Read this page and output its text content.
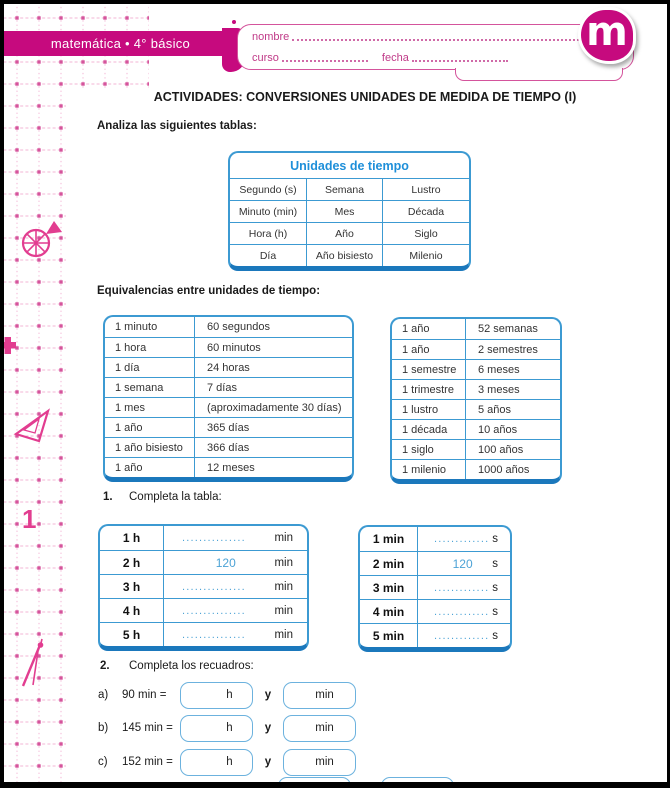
1
matemática • 4° básico	nombre
curso	fecha
m
ACTIVIDADES: CONVERSIONES UNIDADES DE MEDIDA DE TIEMPO (I)
Analiza las siguientes tablas:
Unidades de tiempo
Segundo (s)	Semana	Lustro
Minuto (min)	Mes	Década
Hora (h)	Año	Siglo
Día	Año bisiesto	Milenio
Equivalencias entre unidades de tiempo:
1 minuto	60 segundos
1 hora	60 minutos
1 día	24 horas
1 semana	7 días
1 mes	(aproximadamente 30 días)
1 año	365 días
1 año bisiesto	366 días
1 año	12 meses
1 año	52 semanas
1 año	2 semestres
1 semestre	6 meses
1 trimestre	3 meses
1 lustro	5 años
1 década	10 años
1 siglo	100 años
1 milenio	1000 años
1. Completa la tabla:
1 h	...............	min
2 h	120	min
3 h	...............	min
4 h	...............	min
5 h	...............	min
1 min	............. s
2 min	120	s
3 min	............. s
4 min	............. s
5 min	............. s
2. Completa los recuadros:
a)	90 min =	h	y	min
b)	145 min =	h	y	min
c)	152 min =	h	y	min
